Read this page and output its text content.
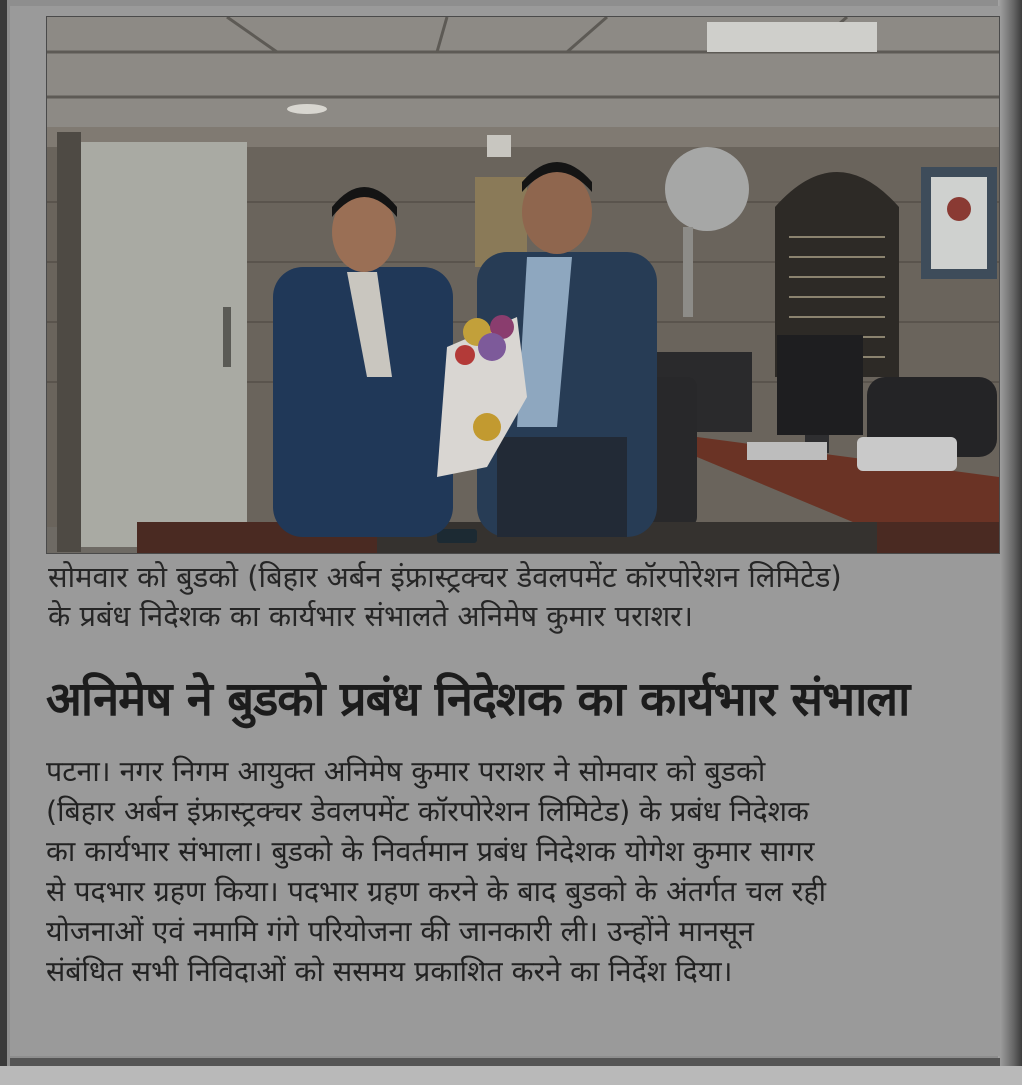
सोमवार को बुडको (बिहार अर्बन इंफ्रास्ट्रक्चर डेवलपमेंट कॉरपोरेशन लिमिटेड)
के प्रबंध निदेशक का कार्यभार संभालते अनिमेष कुमार पराशर।
अनिमेष ने बुडको प्रबंध निदेशक का कार्यभार संभाला
पटना। नगर निगम आयुक्त अनिमेष कुमार पराशर ने सोमवार को बुडको
(बिहार अर्बन इंफ्रास्ट्रक्चर डेवलपमेंट कॉरपोरेशन लिमिटेड) के प्रबंध निदेशक
का कार्यभार संभाला। बुडको के निवर्तमान प्रबंध निदेशक योगेश कुमार सागर
से पदभार ग्रहण किया। पदभार ग्रहण करने के बाद बुडको के अंतर्गत चल रही
योजनाओं एवं नमामि गंगे परियोजना की जानकारी ली। उन्होंने मानसून
संबंधित सभी निविदाओं को ससमय प्रकाशित करने का निर्देश दिया।
